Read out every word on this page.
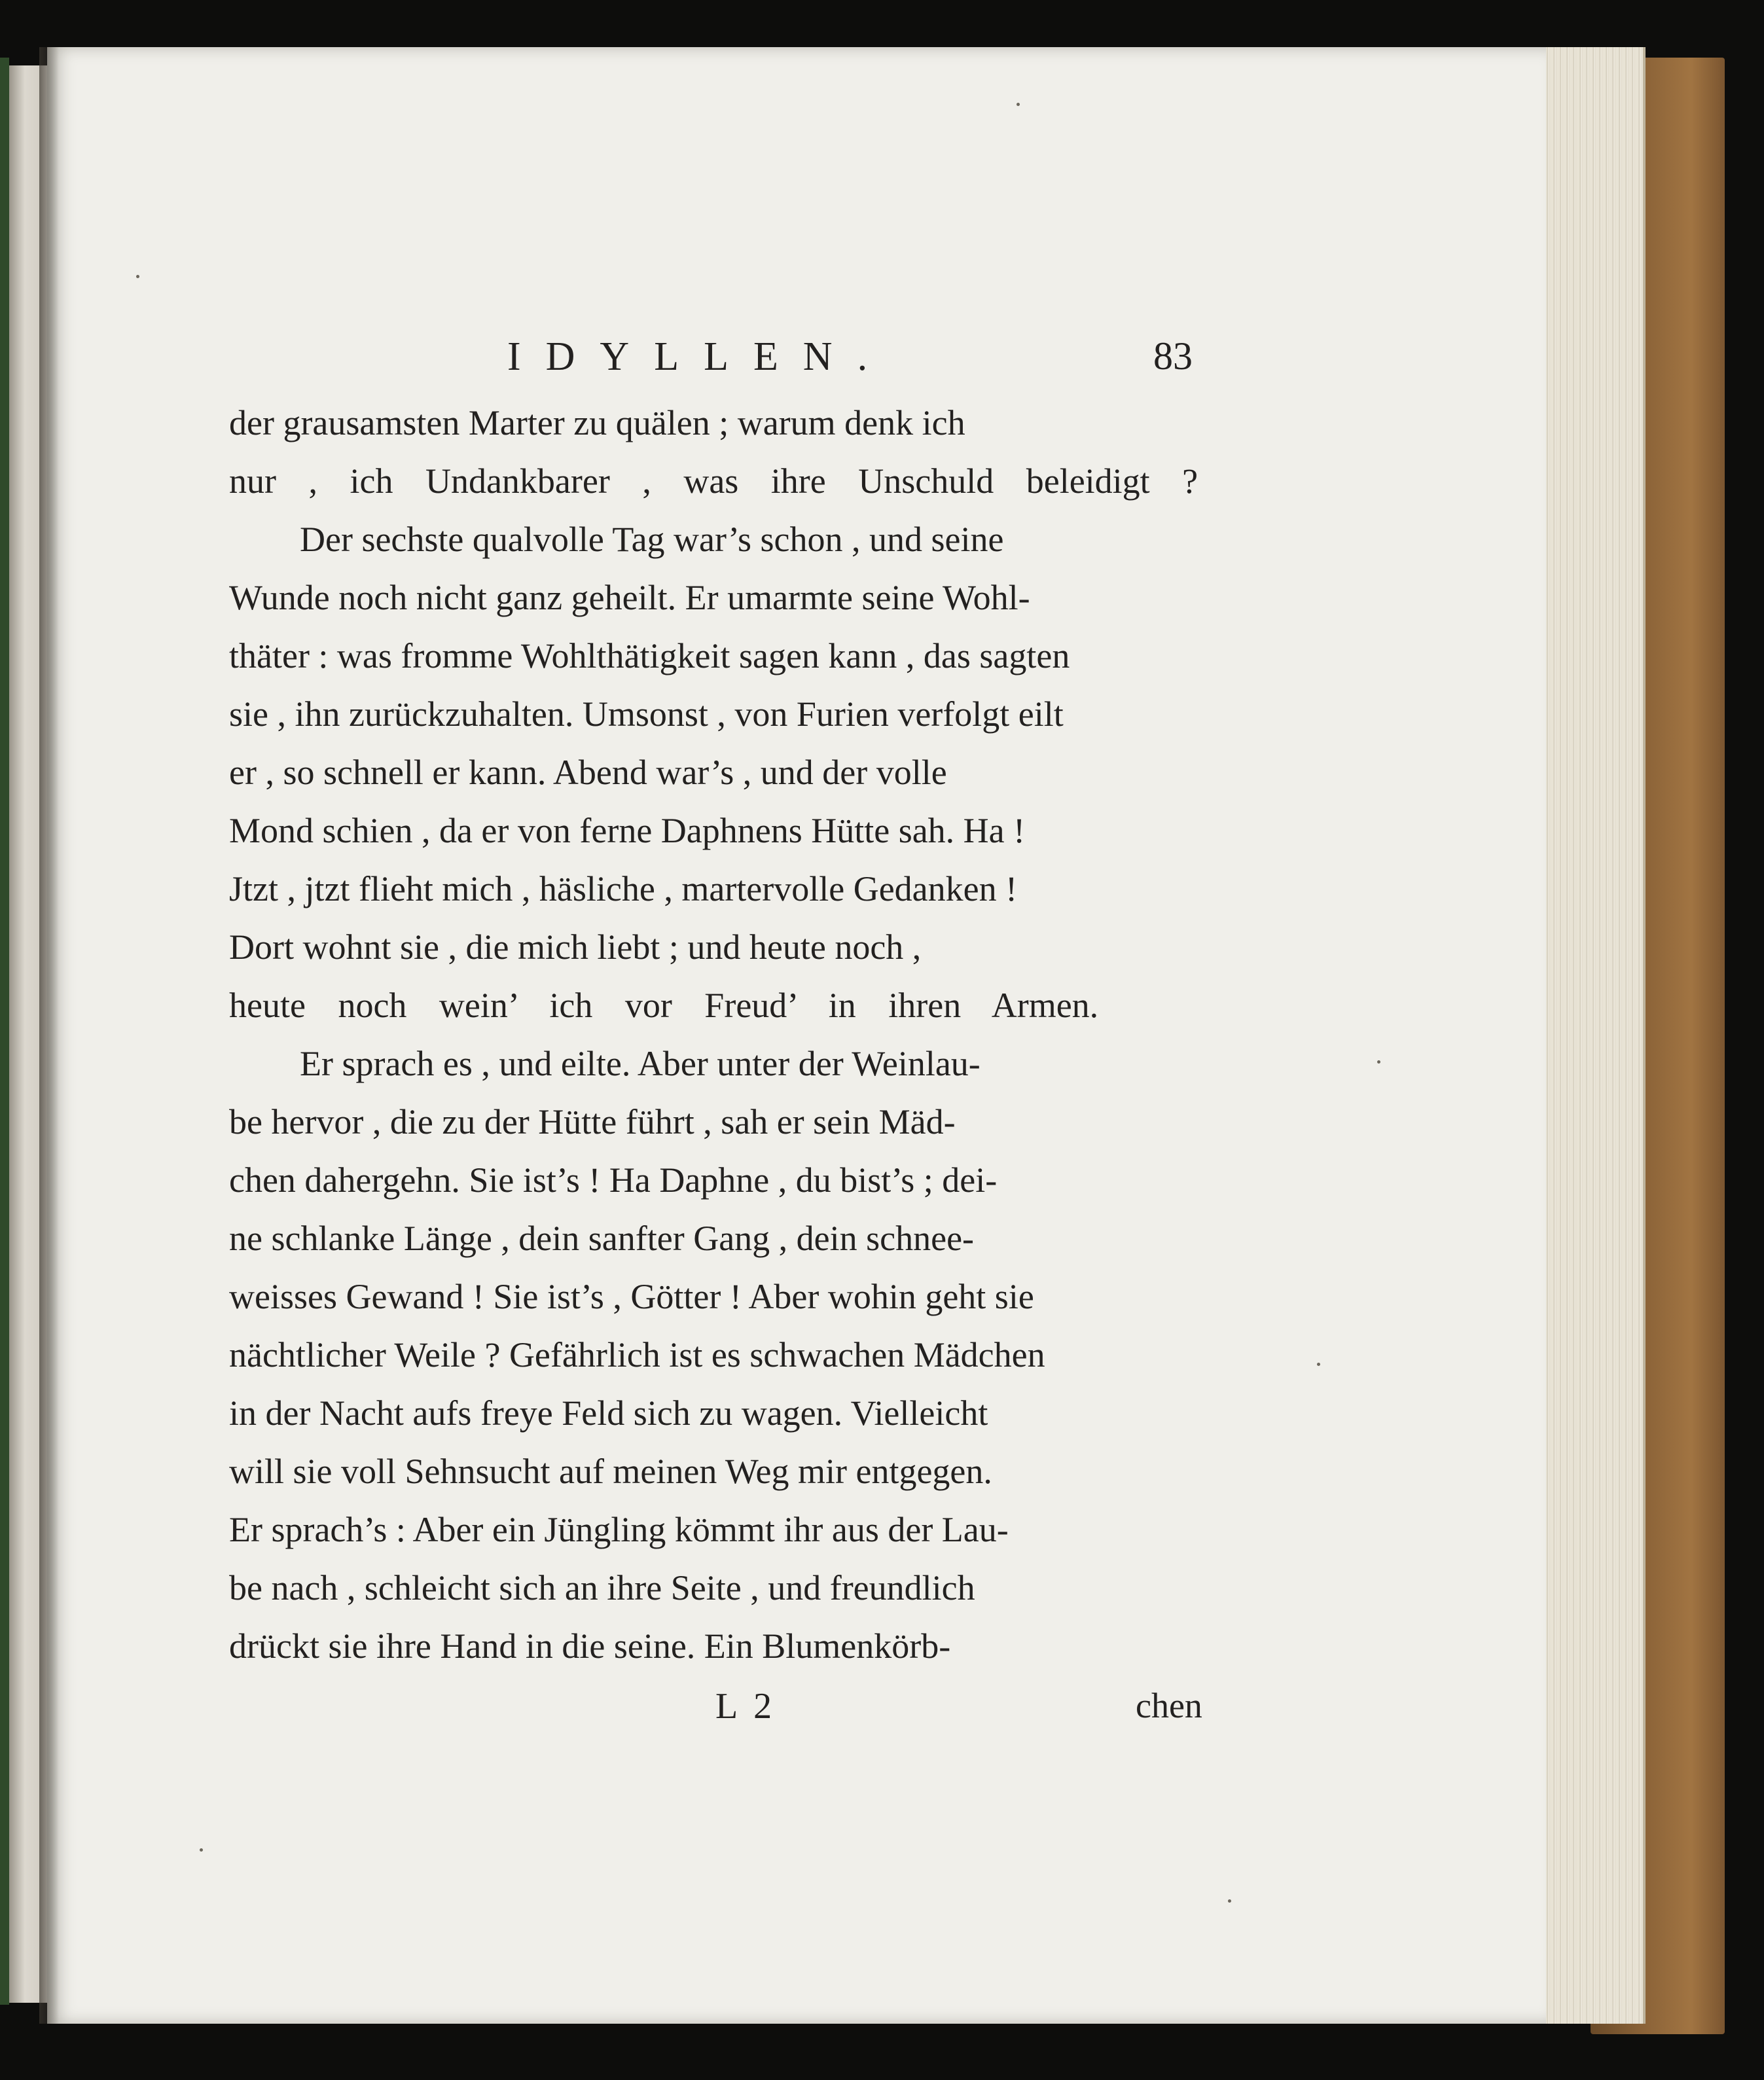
IDYLLEN.	83
der grausamsten Marter zu quälen ; warum denk ich
nur , ich Undankbarer , was ihre Unschuld beleidigt ?
Der sechste qualvolle Tag war’s schon , und seine
Wunde noch nicht ganz geheilt. Er umarmte seine Wohl-
thäter : was fromme Wohlthätigkeit sagen kann , das sagten
sie , ihn zurückzuhalten. Umsonst , von Furien verfolgt eilt
er , so schnell er kann. Abend war’s , und der volle
Mond schien , da er von ferne Daphnens Hütte sah. Ha !
Jtzt , jtzt flieht mich , häsliche , martervolle Gedanken !
Dort wohnt sie , die mich liebt ; und heute noch ,
heute noch wein’ ich vor Freud’ in ihren Armen.
Er sprach es , und eilte. Aber unter der Weinlau-
be hervor , die zu der Hütte führt , sah er sein Mäd-
chen dahergehn. Sie ist’s ! Ha Daphne , du bist’s ; dei-
ne schlanke Länge , dein sanfter Gang , dein schnee-
weisses Gewand ! Sie ist’s , Götter ! Aber wohin geht sie
nächtlicher Weile ? Gefährlich ist es schwachen Mädchen
in der Nacht aufs freye Feld sich zu wagen. Vielleicht
will sie voll Sehnsucht auf meinen Weg mir entgegen.
Er sprach’s : Aber ein Jüngling kömmt ihr aus der Lau-
be nach , schleicht sich an ihre Seite , und freundlich
drückt sie ihre Hand in die seine. Ein Blumenkörb-
L 2	chen
